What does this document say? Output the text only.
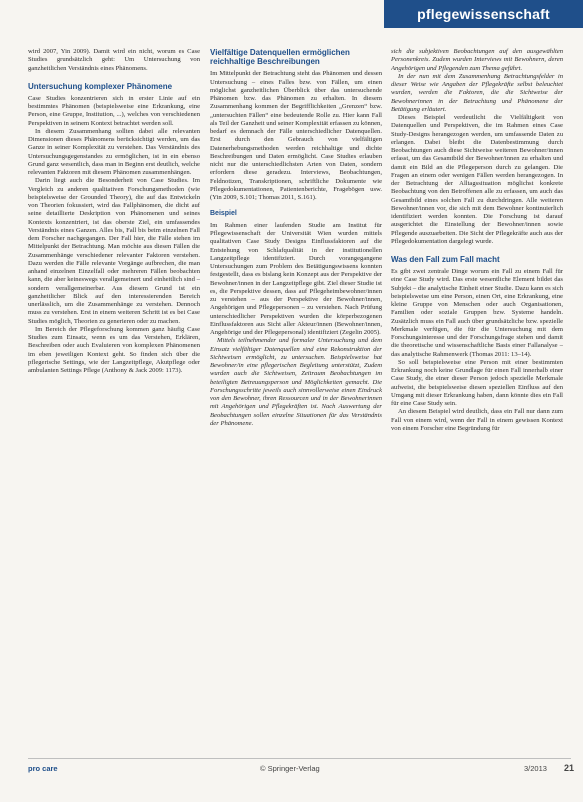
pflegewissenschaft

wird 2007, Yin 2009). Damit wird ein nicht, worum es Case Studies grundsätzlich geht: Um Untersuchung von ganzheitlichen Verständnis eines Phänomens.

Untersuchung komplexer Phänomene

Case Studies konzentrieren sich in erster Linie auf ein bestimmtes Phänomen (beispielsweise eine Erkrankung, eine Person, eine Gruppe, Institution, ...), welches von verschiedenen Perspektiven in seinem Kontext betrachtet werden soll.

In diesem Zusammenhang sollten dabei alle relevanten Dimensionen dieses Phänomens berücksichtigt werden, um das Ganze in seiner Komplexität zu verstehen. Das Verständnis des Untersuchungsgegenstandes zu ermöglichen, ist in ein ebenso Grund ganz wesentlich, dass man in Beginn erst deutlich, welche relevanten Faktoren mit diesem Phänomen zusammenhängen.

Darin liegt auch die Besonderheit von Case Studies. Im Vergleich zu anderen qualitativen Forschungsmethoden (wie beispielsweise der Grounded Theory), die auf das Entwickeln von Theorien fokussiert, wird das Fallphänomen, die dicht auf seine detaillierte Deskription von Phänomenen und seines Kontexts konzentriert, ist das oberste Ziel, ein umfassendes Verständnis eines Ganzen. Alles bis, Fall bis beim einzelnen Fall dem Forscher nachgegangen. Der Fall hier, die Fälle stehen im Mittelpunkt der Betrachtung. Man möchte aus diesen Fällen die Zusammenhänge verschiedener relevanter Faktoren verstehen. Dazu werden die Fälle relevante Vorgänge aufbrechen, die man anhand einzelnen Einzelfall oder mehreren Fällen beobachten kann, die aber keineswegs verallgemeinert und einheitlich sind – sondern verallgemeinerbar. Aus diesem Grund ist ein ganzheitlicher Blick auf den interessierenden Bereich unerlässlich, um die Zusammenhänge zu verstehen. Dennoch muss zu verstehen. Erst in einem weiteren Schritt ist es bei Case Studies möglich, Theorien zu generieren oder zu machen.

Im Bereich der Pflegeforschung kommen ganz häufig Case Studies zum Einsatz, wenn es um das Verstehen, Erklären, Beschreiben oder auch Evaluieren von komplexen Phänomenen im eben jeweiligen Kontext geht. So finden sich über die pflegerische Settings, wie der Langzeitpflege, Akutpflege oder ambulanten Settings Pflege (Anthony & Jack 2009: 1173).

Vielfältige Datenquellen ermöglichen reichhaltige Beschreibungen

Im Mittelpunkt der Betrachtung steht das Phänomen und dessen Untersuchung – eines Falles bzw. von Fällen, um einen möglichst ganzheitlichen Überblick über das untersuchende Phänomen bzw. das Phänomen zu erhalten. In diesem Zusammenhang kommen der Begrifflichkeiten „Grenzen“ bzw. „untersuchten Fällen“ eine bedeutende Rolle zu. Hier kann Fall als Teil der Ganzheit und seiner Komplexität erfassen zu können, bedarf es demnach der Fälle unterschiedlicher Datenquellen. Erst durch den Gebrauch von vielfältigen Datenerhebungsmethoden werden reichhaltige und dichte Beschreibungen und Daten ermöglicht. Case Studies erlauben nicht nur die unterschiedlichsten Arten von Daten, sondern erfordern diese geradezu. Interviews, Beobachtungen, Feldnotizen, Transkriptionen, schriftliche Dokumente wie Pflegedokumentationen, Patientenberichte, Fragebögen usw. (Yin 2009, S.101; Thomas 2011, S.161).

Beispiel

Im Rahmen einer laufenden Studie am Institut für Pflegewissenschaft der Universität Wien wurden mittels qualitativen Case Study Designs Einflussfaktoren auf die Entstehung von Schlafqualität in der institutionellen Langzeitpflege identifiziert. Durch vorangegangene Untersuchungen zum Problem des Betätigungswissens konnten festgestellt, dass es bislang kein Konzept aus der Perspektive der Bewohner/innen in der Langzeitpflege gibt. Ziel dieser Studie ist es, die Perspektive dessen, dass auf Pflegeheimbewohner/innen zu verstehen – aus der Perspektive der Bewohner/innen, Angehörigen und Pflegepersonen – zu verstehen. Nach Prüfung unterschiedlicher Perspektiven wurden die körperbezogenen Einflussfaktoren aus Sicht aller Akteur/innen (Bewohner/innen, Angehörige und der Pflegepersonal) identifiziert (Zegelin 2005).

Mittels teilnehmender und formaler Untersuchung und dem Einsatz vielfältiger Datenquellen sind eine Rekonstruktion der Sichtweisen ermöglicht, zu untersuchen. Beispielsweise hat Bewohner/in eine pflegerischen Begleitung unterstützt, Zudem wurden auch die Sichtweisen, Zeitraum Beobachtungen im beteiligten Betreuungsperson und Möglichkeiten gemacht. Die Forschungsschritte jeweils auch sinnvollerweise einen Eindruck von den Bewohner, ihren Ressourcen und in der Bewohnerinnen mit Angehörigen und Pflegekräften ist. Nach Auswertung der Beobachtungen sollen einzelne Situationen für das Verständnis der Phänomene.

sich die subjektiven Beobachtungen auf den ausgewählten Personenkreis. Zudem wurden Interviews mit Bewohnern, deren Angehörigen und Pflegenden zum Thema geführt.

In der nun mit dem Zusammenhang Betrachtungsfelder in dieser Weise wie Angaben der Pflegekräfte selbst beleuchtet wurden, werden die Faktoren, die die Sichtweise der Bewohnerinnen in der Betrachtung und Phänomene der Betätigung erläutert.

Dieses Beispiel verdeutlicht die Vielfältigkeit von Datenquellen und Perspektiven, die im Rahmen eines Case Study-Designs herangezogen werden, um umfassende Daten zu erlangen. Dabei bleibt die Datenbestimmung durch Beobachtungen auch diese Sichtweise weiteren Bewohner/innen erfasst, um das Gesamtbild der Bewohner/innen zu erhalten und damit ein Bild an die Pflegeperson durch zu gelangen. Die Fragen an einem oder wenigen Fällen werden herangezogen. In der Betrachtung der Alltagssituation möglichst konkrete Beobachtung von den Betroffenen alle zu erfassen, um auch das Gesamtbild eines solchen Fall zu durchdringen. Alle weiteren Bewohner/innen vor, die sich mit dem Bewohner kontinuierlich identifiziert werden konnten. Die Forschung ist darauf ausgerichtet die Einstellung der Bewohner/innen sowie Pflegende auszuarbeiten. Die Sicht der Pflegekräfte auch aus der Pflegedokumentation dargelegt wurde.

Was den Fall zum Fall macht

Es gibt zwei zentrale Dinge worum ein Fall zu einem Fall für eine Case Study wird. Das erste wesentliche Element bildet das Subjekt – die analytische Einheit einer Studie. Dazu kann es sich beispielsweise um eine Person, einen Ort, eine Erkrankung, eine kleine Gruppe von Menschen oder auch Organisationen, Familien oder soziale Gruppen bzw. Systeme handeln. Zusätzlich muss ein Fall auch über grundsätzliche bzw. spezielle Merkmale verfügen, die für die Untersuchung mit dem Forschungsinteresse und der Forschungsfrage stehen und damit die theoretische und wissenschaftliche Basis einer Fallanalyse – das analytische Rahmenwerk (Thomas 2011: 13–14).

So soll beispielsweise eine Person mit einer bestimmten Erkrankung noch keine Grundlage für einen Fall innerhalb einer Case Study, die einer dieser Person jedoch spezielle Merkmale aufweist, die beispielsweise diesen speziellen Einfluss auf den Umgang mit dieser Erkrankung haben, dann könnte dies ein Fall für eine Case Study sein.

An diesem Beispiel wird deutlich, dass ein Fall nur dann zum Fall von einem wird, wenn der Fall in einem gewissen Kontext von einem Forscher eine Begründung für

pro care	© Springer-Verlag	3/2013 21
